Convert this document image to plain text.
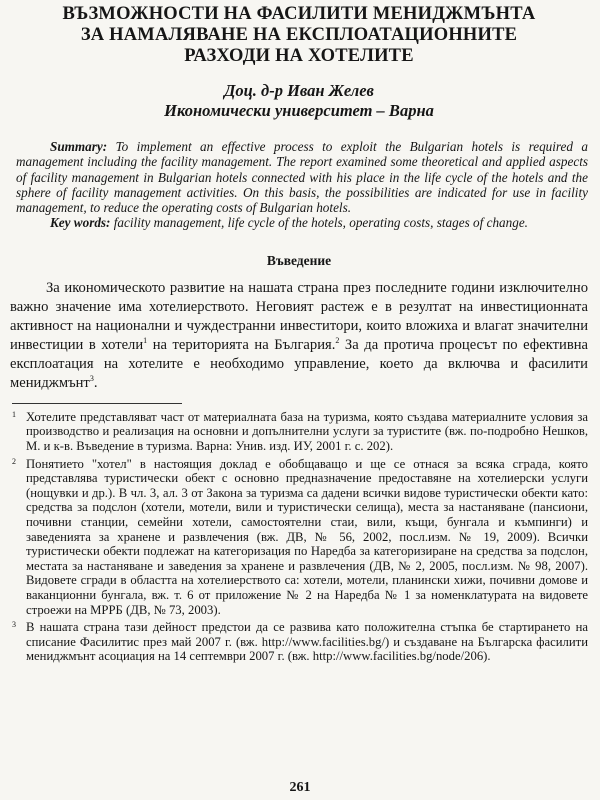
ВЪЗМОЖНОСТИ НА ФАСИЛИТИ МЕНИДЖМЪНТА
ЗА НАМАЛЯВАНЕ НА ЕКСПЛОАТАЦИОННИТЕ
РАЗХОДИ НА ХОТЕЛИТЕ
Доц. д-р Иван Желев
Икономически университет – Варна

Summary: To implement an effective process to exploit the Bulgarian hotels is required a management including the facility management. The report examined some theoretical and applied aspects of facility management in Bulgarian hotels connected with his place in the life cycle of the hotels and the sphere of facility management activities. On this basis, the possibilities are indicated for use in facility management, to reduce the operating costs of Bulgarian hotels.

Key words: facility management, life cycle of the hotels, operating costs, stages of change.

Въведение

За икономическото развитие на нашата страна през последните години изключително важно значение има хотелиерството. Неговият растеж е в резултат на инвестиционната активност на национални и чуждестранни инвеститори, които вложиха и влагат значителни инвестиции в хотели$^1$ на територията на България.$^2$ За да протича процесът по ефективна експлоатация на хотелите е необходимо управление, което да включва и фасилити мениджмънт$^3$.

1 Хотелите представляват част от материалната база на туризма, която създава материалните условия за производство и реализация на основни и допълнителни услуги за туристите (вж. по-подробно Нешков, М. и к-в. Въведение в туризма. Варна: Унив. изд. ИУ, 2001 г. с. 202).
2 Понятието "хотел" в настоящия доклад е обобщаващо и ще се отнася за всяка сграда, която представлява туристически обект с основно предназначение предоставяне на хотелиерски услуги (нощувки и др.). В чл. 3, ал. 3 от Закона за туризма са дадени всички видове туристически обекти като: средства за подслон (хотели, мотели, вили и туристически селища), места за настаняване (пансиони, почивни станции, семейни хотели, самостоятелни стаи, вили, къщи, бунгала и къмпинги) и заведенията за хранене и развлечения (вж. ДВ, № 56, 2002, посл.изм. № 19, 2009). Всички туристически обекти подлежат на категоризация по Наредба за категоризиране на средства за подслон, местата за настаняване и заведения за хранене и развлечения (ДВ, № 2, 2005, посл.изм. № 98, 2007). Видовете сгради в областта на хотелиерството са: хотели, мотели, планински хижи, почивни домове и ваканционни бунгала, вж. т. 6 от приложение № 2 на Наредба № 1 за номенклатурата на видовете строежи на МРРБ (ДВ, № 73, 2003).
3 В нашата страна тази дейност предстои да се развива като положителна стъпка бе стартирането на списание Фасилитис през май 2007 г. (вж. http://www.facilities.bg/) и създаване на Българска фасилити мениджмънт асоциация на 14 септември 2007 г. (вж. http://www.facilities.bg/node/206).
261
